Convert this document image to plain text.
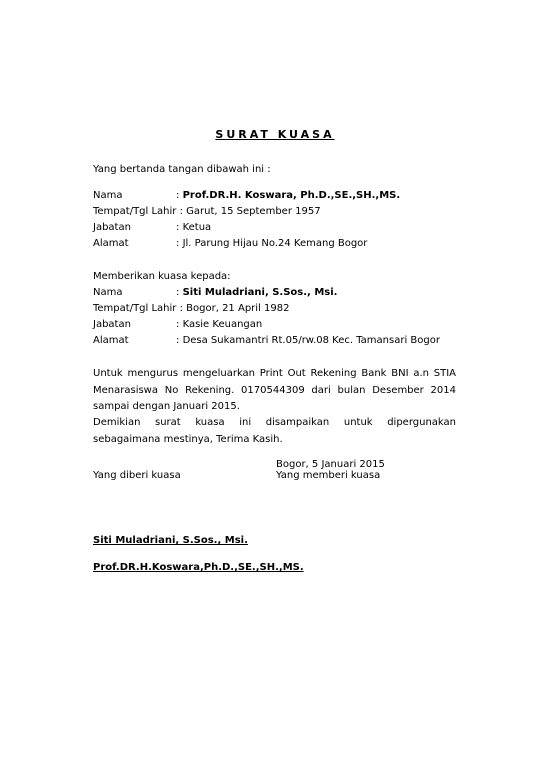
SURAT KUASA
Yang bertanda tangan dibawah ini :
Nama	: Prof.DR.H. Koswara, Ph.D.,SE.,SH.,MS.
Tempat/Tgl Lahir : Garut, 15 September 1957
Jabatan	: Ketua
Alamat	: Jl. Parung Hijau No.24 Kemang Bogor
Memberikan kuasa kepada:
Nama	: Siti Muladriani, S.Sos., Msi.
Tempat/Tgl Lahir : Bogor, 21 April 1982
Jabatan	: Kasie Keuangan
Alamat	: Desa Sukamantri Rt.05/rw.08 Kec. Tamansari Bogor
Untuk mengurus mengeluarkan Print Out Rekening Bank BNI a.n STIA Menarasiswa No Rekening. 0170544309 dari bulan Desember 2014 sampai dengan Januari 2015.
Demikian surat kuasa ini disampaikan untuk dipergunakan sebagaimana mestinya, Terima Kasih.
Bogor, 5 Januari 2015
Yang diberi kuasa	Yang memberi kuasa
Siti Muladriani, S.Sos., Msi.
Prof.DR.H.Koswara,Ph.D.,SE.,SH.,MS.
